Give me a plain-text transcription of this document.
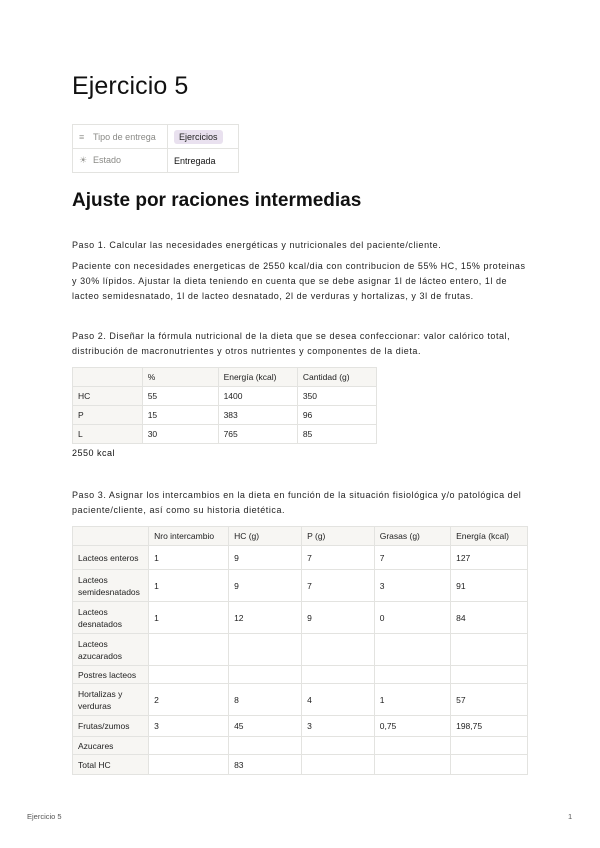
Ejercicio 5
≡ Tipo de entrega	Ejercicios
☀ Estado	Entregada
Ajuste por raciones intermedias
Paso 1. Calcular las necesidades energéticas y nutricionales del paciente/cliente.
Paciente con necesidades energeticas de 2550 kcal/dia con contribucion de 55% HC, 15% proteinas y 30% lípidos. Ajustar la dieta teniendo en cuenta que se debe asignar 1l de lácteo entero, 1l de lacteo semidesnatado, 1l de lacteo desnatado, 2l de verduras y hortalizas, y 3l de frutas.
Paso 2. Diseñar la fórmula nutricional de la dieta que se desea confeccionar: valor calórico total, distribución de macronutrientes y otros nutrientes y componentes de la dieta.
	%	Energía (kcal)	Cantidad (g)
HC	55	1400	350
P	15	383	96
L	30	765	85
2550 kcal
Paso 3. Asignar los intercambios en la dieta en función de la situación fisiológica y/o patológica del paciente/cliente, así como su historia dietética.
	Nro intercambio	HC (g)	P (g)	Grasas (g)	Energía (kcal)
Lacteos enteros	1	9	7	7	127
Lacteos semidesnatados	1	9	7	3	91
Lacteos desnatados	1	12	9	0	84
Lacteos azucarados					
Postres lacteos					
Hortalizas y verduras	2	8	4	1	57
Frutas/zumos	3	45	3	0,75	198,75
Azucares					
Total HC		83			
Ejercicio 5	1
